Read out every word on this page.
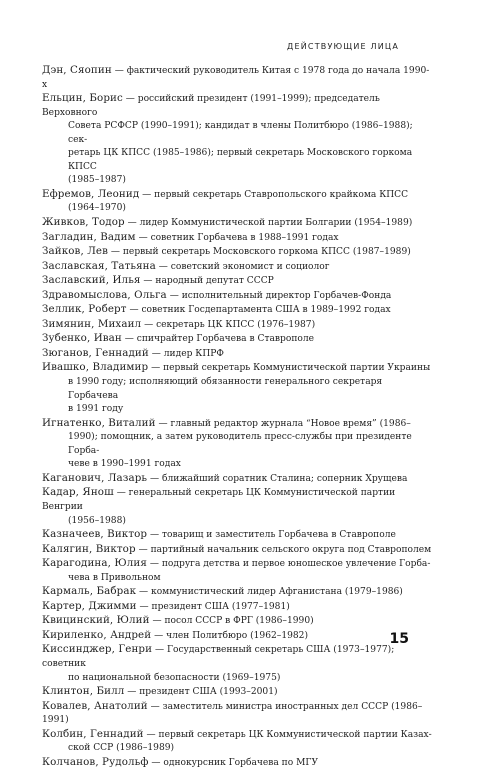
ДЕЙСТВУЮЩИЕ ЛИЦА
Дэн, Сяопин — фактический руководитель Китая с 1978 года до начала 1990-х
Ельцин, Борис — российский президент (1991–1999); председатель Верховного
Совета РСФСР (1990–1991); кандидат в члены Политбюро (1986–1988); сек-
ретарь ЦК КПСС (1985–1986); первый секретарь Московского горкома КПСС
(1985–1987)
Ефремов, Леонид — первый секретарь Ставропольского крайкома КПСС
(1964–1970)
Живков, Тодор — лидер Коммунистической партии Болгарии (1954–1989)
Загладин, Вадим — советник Горбачева в 1988–1991 годах
Зайков, Лев — первый секретарь Московского горкома КПСС (1987–1989)
Заславская, Татьяна — советский экономист и социолог
Заславский, Илья — народный депутат СССР
Здравомыслова, Ольга — исполнительный директор Горбачев-Фонда
Зеллик, Роберт — советник Госдепартамента США в 1989–1992 годах
Зимянин, Михаил — секретарь ЦК КПСС (1976–1987)
Зубенко, Иван — спичрайтер Горбачева в Ставрополе
Зюганов, Геннадий — лидер КПРФ
Ивашко, Владимир — первый секретарь Коммунистической партии Украины
в 1990 году; исполняющий обязанности генерального секретаря Горбачева
в 1991 году
Игнатенко, Виталий — главный редактор журнала “Новое время” (1986–
1990); помощник, а затем руководитель пресс-службы при президенте Горба-
чеве в 1990–1991 годах
Каганович, Лазарь — ближайший соратник Сталина; соперник Хрущева
Кадар, Янош — генеральный секретарь ЦК Коммунистической партии Венгрии
(1956–1988)
Казначеев, Виктор — товарищ и заместитель Горбачева в Ставрополе
Калягин, Виктор — партийный начальник сельского округа под Ставрополем
Карагодина, Юлия — подруга детства и первое юношеское увлечение Горба-
чева в Привольном
Кармаль, Бабрак — коммунистический лидер Афганистана (1979–1986)
Картер, Джимми — президент США (1977–1981)
Квицинский, Юлий — посол СССР в ФРГ (1986–1990)
Кириленко, Андрей — член Политбюро (1962–1982)
Киссинджер, Генри — Государственный секретарь США (1973–1977); советник
по национальной безопасности (1969–1975)
Клинтон, Билл — президент США (1993–2001)
Ковалев, Анатолий — заместитель министра иностранных дел СССР (1986–1991)
Колбин, Геннадий — первый секретарь ЦК Коммунистической партии Казах-
ской ССР (1986–1989)
Колчанов, Рудольф — однокурсник Горбачева по МГУ
15
